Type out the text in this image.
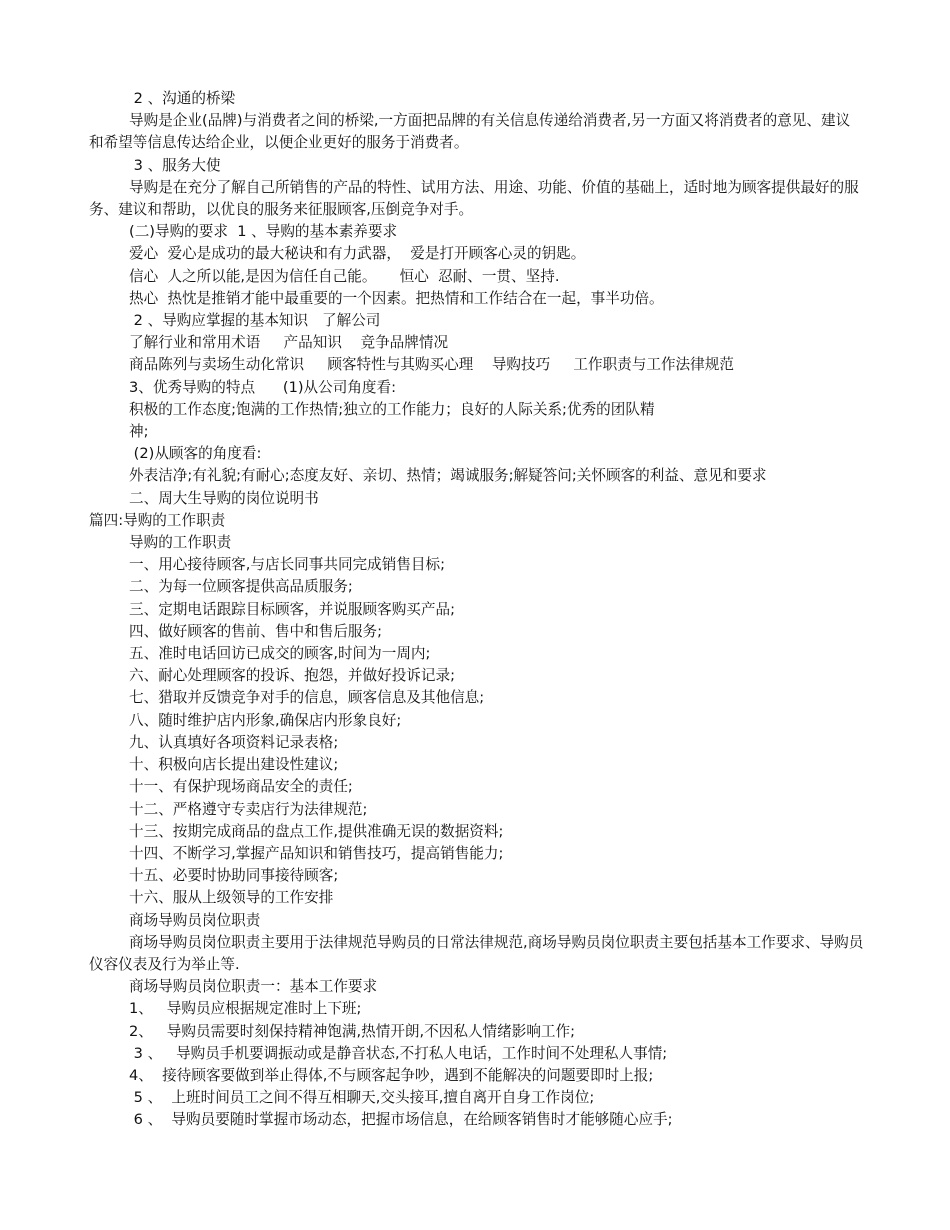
2 、沟通的桥梁

导购是企业(品牌)与消费者之间的桥梁,一方面把品牌的有关信息传递给消费者,另一方面又将消费者的意见、建议和希望等信息传达给企业，以便企业更好的服务于消费者。

3 、服务大使

导购是在充分了解自己所销售的产品的特性、试用方法、用途、功能、价值的基础上，适时地为顾客提供最好的服务、建议和帮助，以优良的服务来征服顾客,压倒竞争对手。

(二)导购的要求  1 、导购的基本素养要求

爱心  爱心是成功的最大秘诀和有力武器，  爱是打开顾客心灵的钥匙。

信心  人之所以能,是因为信任自己能。     恒心  忍耐、一贯、坚持.

热心  热忱是推销才能中最重要的一个因素。把热情和工作结合在一起，事半功倍。

2 、导购应掌握的基本知识   了解公司

了解行业和常用术语     产品知识    竞争品牌情况

商品陈列与卖场生动化常识     顾客特性与其购买心理    导购技巧     工作职责与工作法律规范

3、优秀导购的特点      (1)从公司角度看:

积极的工作态度;饱满的工作热情;独立的工作能力；良好的人际关系;优秀的团队精

神;

(2)从顾客的角度看:

外表洁净;有礼貌;有耐心;态度友好、亲切、热情；竭诚服务;解疑答问;关怀顾客的利益、意见和要求

二、周大生导购的岗位说明书

篇四:导购的工作职责

导购的工作职责

一、用心接待顾客,与店长同事共同完成销售目标;

二、为每一位顾客提供高品质服务;

三、定期电话跟踪目标顾客，并说服顾客购买产品;

四、做好顾客的售前、售中和售后服务;

五、准时电话回访已成交的顾客,时间为一周内;

六、耐心处理顾客的投诉、抱怨，并做好投诉记录;

七、猎取并反馈竞争对手的信息，顾客信息及其他信息;

八、随时维护店内形象,确保店内形象良好;

九、认真填好各项资料记录表格;

十、积极向店长提出建设性建议;

十一、有保护现场商品安全的责任;

十二、严格遵守专卖店行为法律规范;

十三、按期完成商品的盘点工作,提供准确无误的数据资料;

十四、不断学习,掌握产品知识和销售技巧，提高销售能力;

十五、必要时协助同事接待顾客;

十六、服从上级领导的工作安排

商场导购员岗位职责

商场导购员岗位职责主要用于法律规范导购员的日常法律规范,商场导购员岗位职责主要包括基本工作要求、导购员仪容仪表及行为举止等.

商场导购员岗位职责一：基本工作要求

1、   导购员应根据规定准时上下班;

2、   导购员需要时刻保持精神饱满,热情开朗,不因私人情绪影响工作;

3 、   导购员手机要调振动或是静音状态,不打私人电话，工作时间不处理私人事情;

4、  接待顾客要做到举止得体,不与顾客起争吵，遇到不能解决的问题要即时上报;

5 、  上班时间员工之间不得互相聊天,交头接耳,擅自离开自身工作岗位;

6 、  导购员要随时掌握市场动态，把握市场信息，在给顾客销售时才能够随心应手;
